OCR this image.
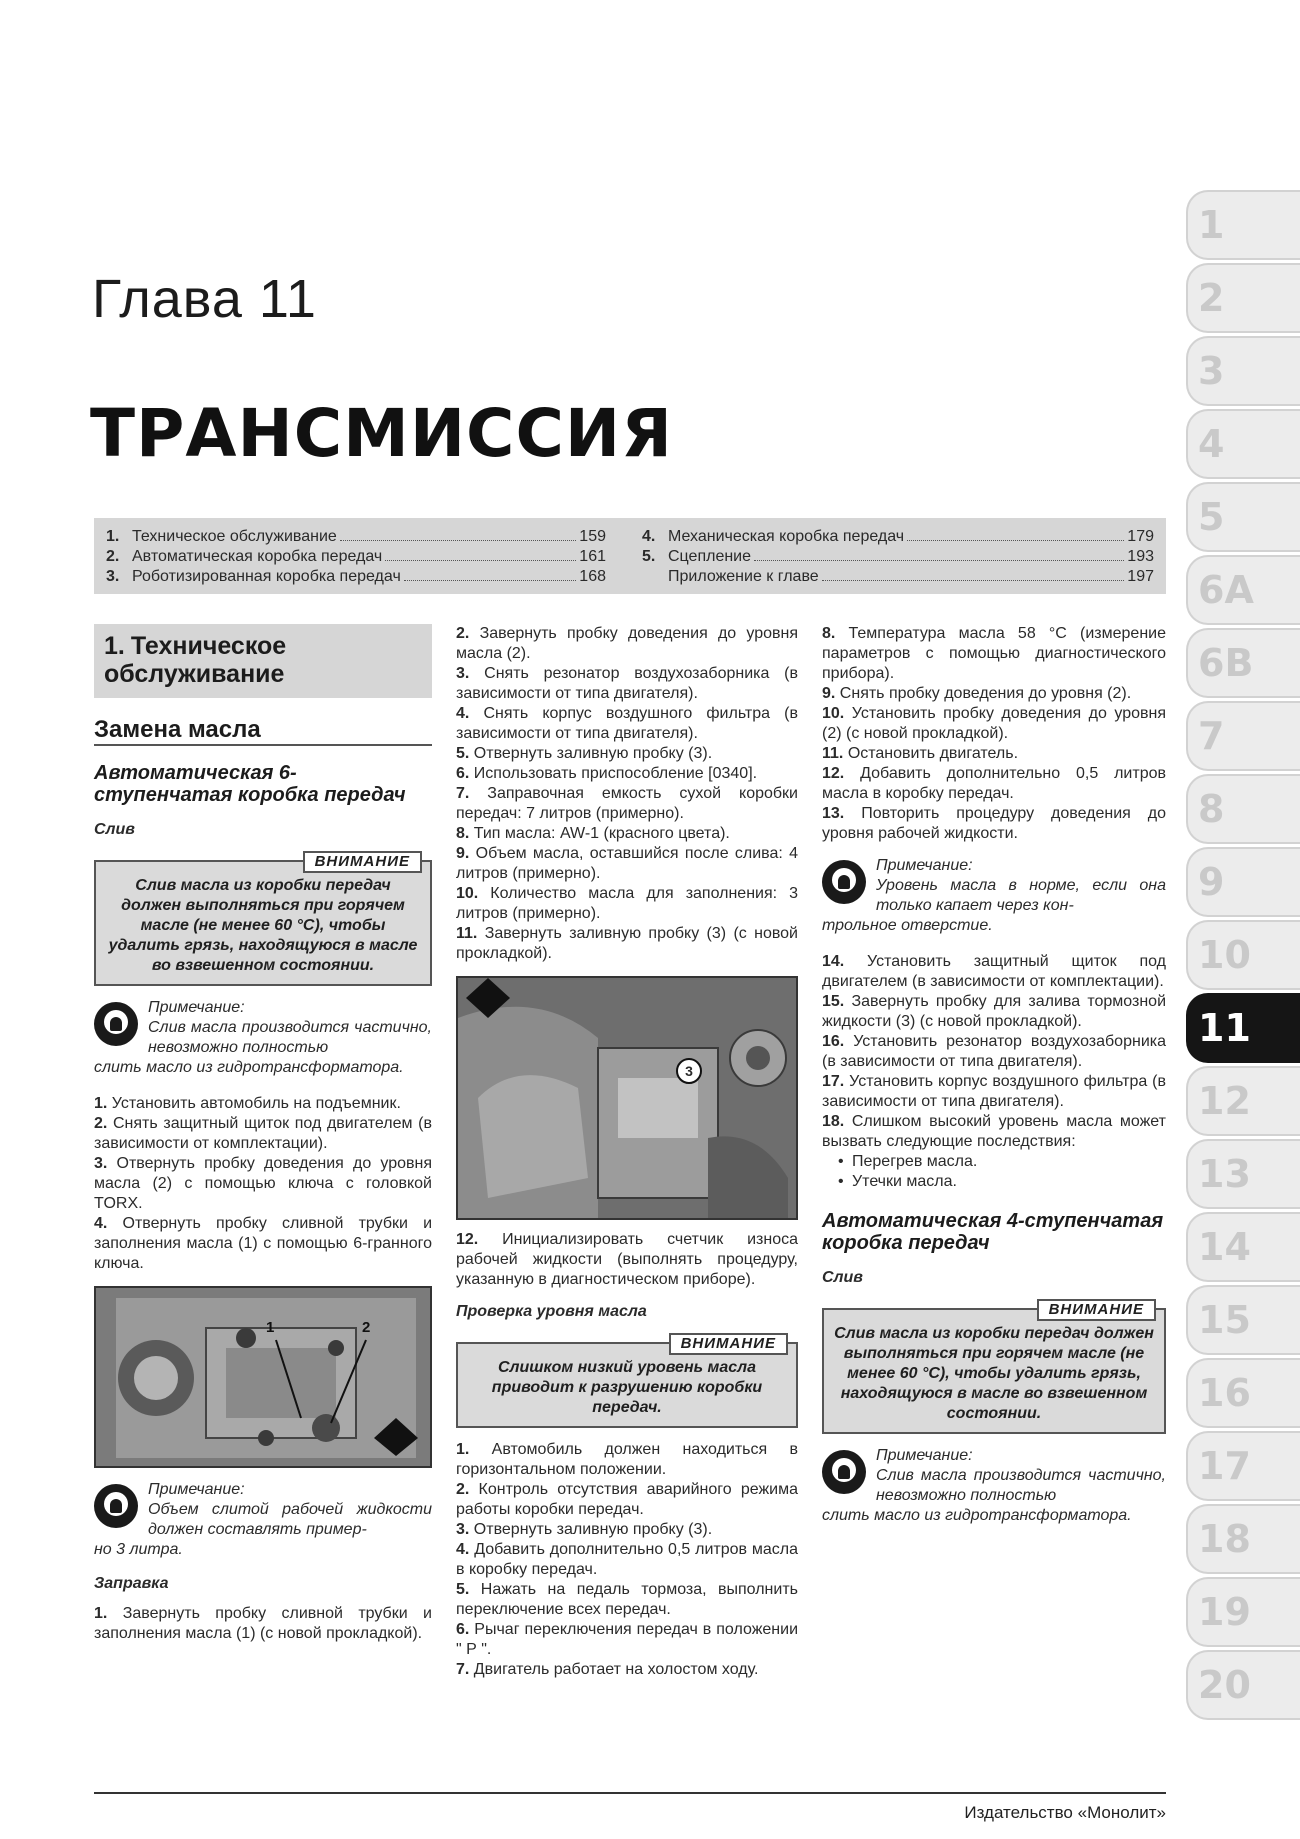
Глава 11
ТРАНСМИССИЯ
1. Техническое обслуживание	159
2. Автоматическая коробка передач	161
3. Роботизированная коробка передач	168
4. Механическая коробка передач	179
5. Сцепление	193
Приложение к главе	197
1
2
3
4
5
6A
6B
7
8
9
10
11
12
13
14
15
16
17
18
19
20
1. Техническое обслуживание
Замена масла
Автоматическая 6-ступенчатая коробка передач
Слив
ВНИМАНИЕ
Слив масла из коробки передач должен выполняться при горячем масле (не менее 60 °С), чтобы удалить грязь, находящуюся в масле во взвешенном состоянии.
Примечание:
Слив масла производится частично, невозможно полностью
слить масло из гидротрансформатора.

1. Установить автомобиль на подъемник.

2. Снять защитный щиток под двигателем (в зависимости от комплектации).

3. Отвернуть пробку доведения до уровня масла (2) с помощью ключа с головкой TORX.

4. Отвернуть пробку сливной трубки и заполнения масла (1) с помощью 6-гранного ключа.

1	2
Примечание:
Объем слитой рабочей жидкости должен составлять пример-
но 3 литра.
Заправка

1. Завернуть пробку сливной трубки и заполнения масла (1) (с новой прокладкой).

2. Завернуть пробку доведения до уровня масла (2).

3. Снять резонатор воздухозаборника (в зависимости от типа двигателя).

4. Снять корпус воздушного фильтра (в зависимости от типа двигателя).

5. Отвернуть заливную пробку (3).

6. Использовать приспособление [0340].

7. Заправочная емкость сухой коробки передач: 7 литров (примерно).

8. Тип масла: AW-1 (красного цвета).

9. Объем масла, оставшийся после слива: 4 литров (примерно).

10. Количество масла для заполнения: 3 литров (примерно).

11. Завернуть заливную пробку (3) (с новой прокладкой).

3

12. Инициализировать счетчик износа рабочей жидкости (выполнять процедуру, указанную в диагностическом приборе).

Проверка уровня масла
ВНИМАНИЕ
Слишком низкий уровень масла приводит к разрушению коробки передач.

1. Автомобиль должен находиться в горизонтальном положении.

2. Контроль отсутствия аварийного режима работы коробки передач.

3. Отвернуть заливную пробку (3).

4. Добавить дополнительно 0,5 литров масла в коробку передач.

5. Нажать на педаль тормоза, выполнить переключение всех передач.

6. Рычаг переключения передач в положении " Р ".

7. Двигатель работает на холостом ходу.

8. Температура масла 58 °С (измерение параметров с помощью диагностического прибора).

9. Снять пробку доведения до уровня (2).

10. Установить пробку доведения до уровня (2) (с новой прокладкой).

11. Остановить двигатель.

12. Добавить дополнительно 0,5 литров масла в коробку передач.

13. Повторить процедуру доведения до уровня рабочей жидкости.

Примечание:
Уровень масла в норме, если она только капает через кон-
трольное отверстие.

14. Установить защитный щиток под двигателем (в зависимости от комплектации).

15. Завернуть пробку для залива тормозной жидкости (3) (с новой прокладкой).

16. Установить резонатор воздухозаборника (в зависимости от типа двигателя).

17. Установить корпус воздушного фильтра (в зависимости от типа двигателя).

18. Слишком высокий уровень масла может вызвать следующие последствия:

• Перегрев масла.
• Утечки масла.
Автоматическая 4-ступенчатая коробка передач
Слив
ВНИМАНИЕ
Слив масла из коробки передач должен выполняться при горячем масле (не менее 60 °С), чтобы удалить грязь, находящуюся в масле во взвешенном состоянии.
Примечание:
Слив масла производится частично, невозможно полностью
слить масло из гидротрансформатора.
Издательство «Монолит»
